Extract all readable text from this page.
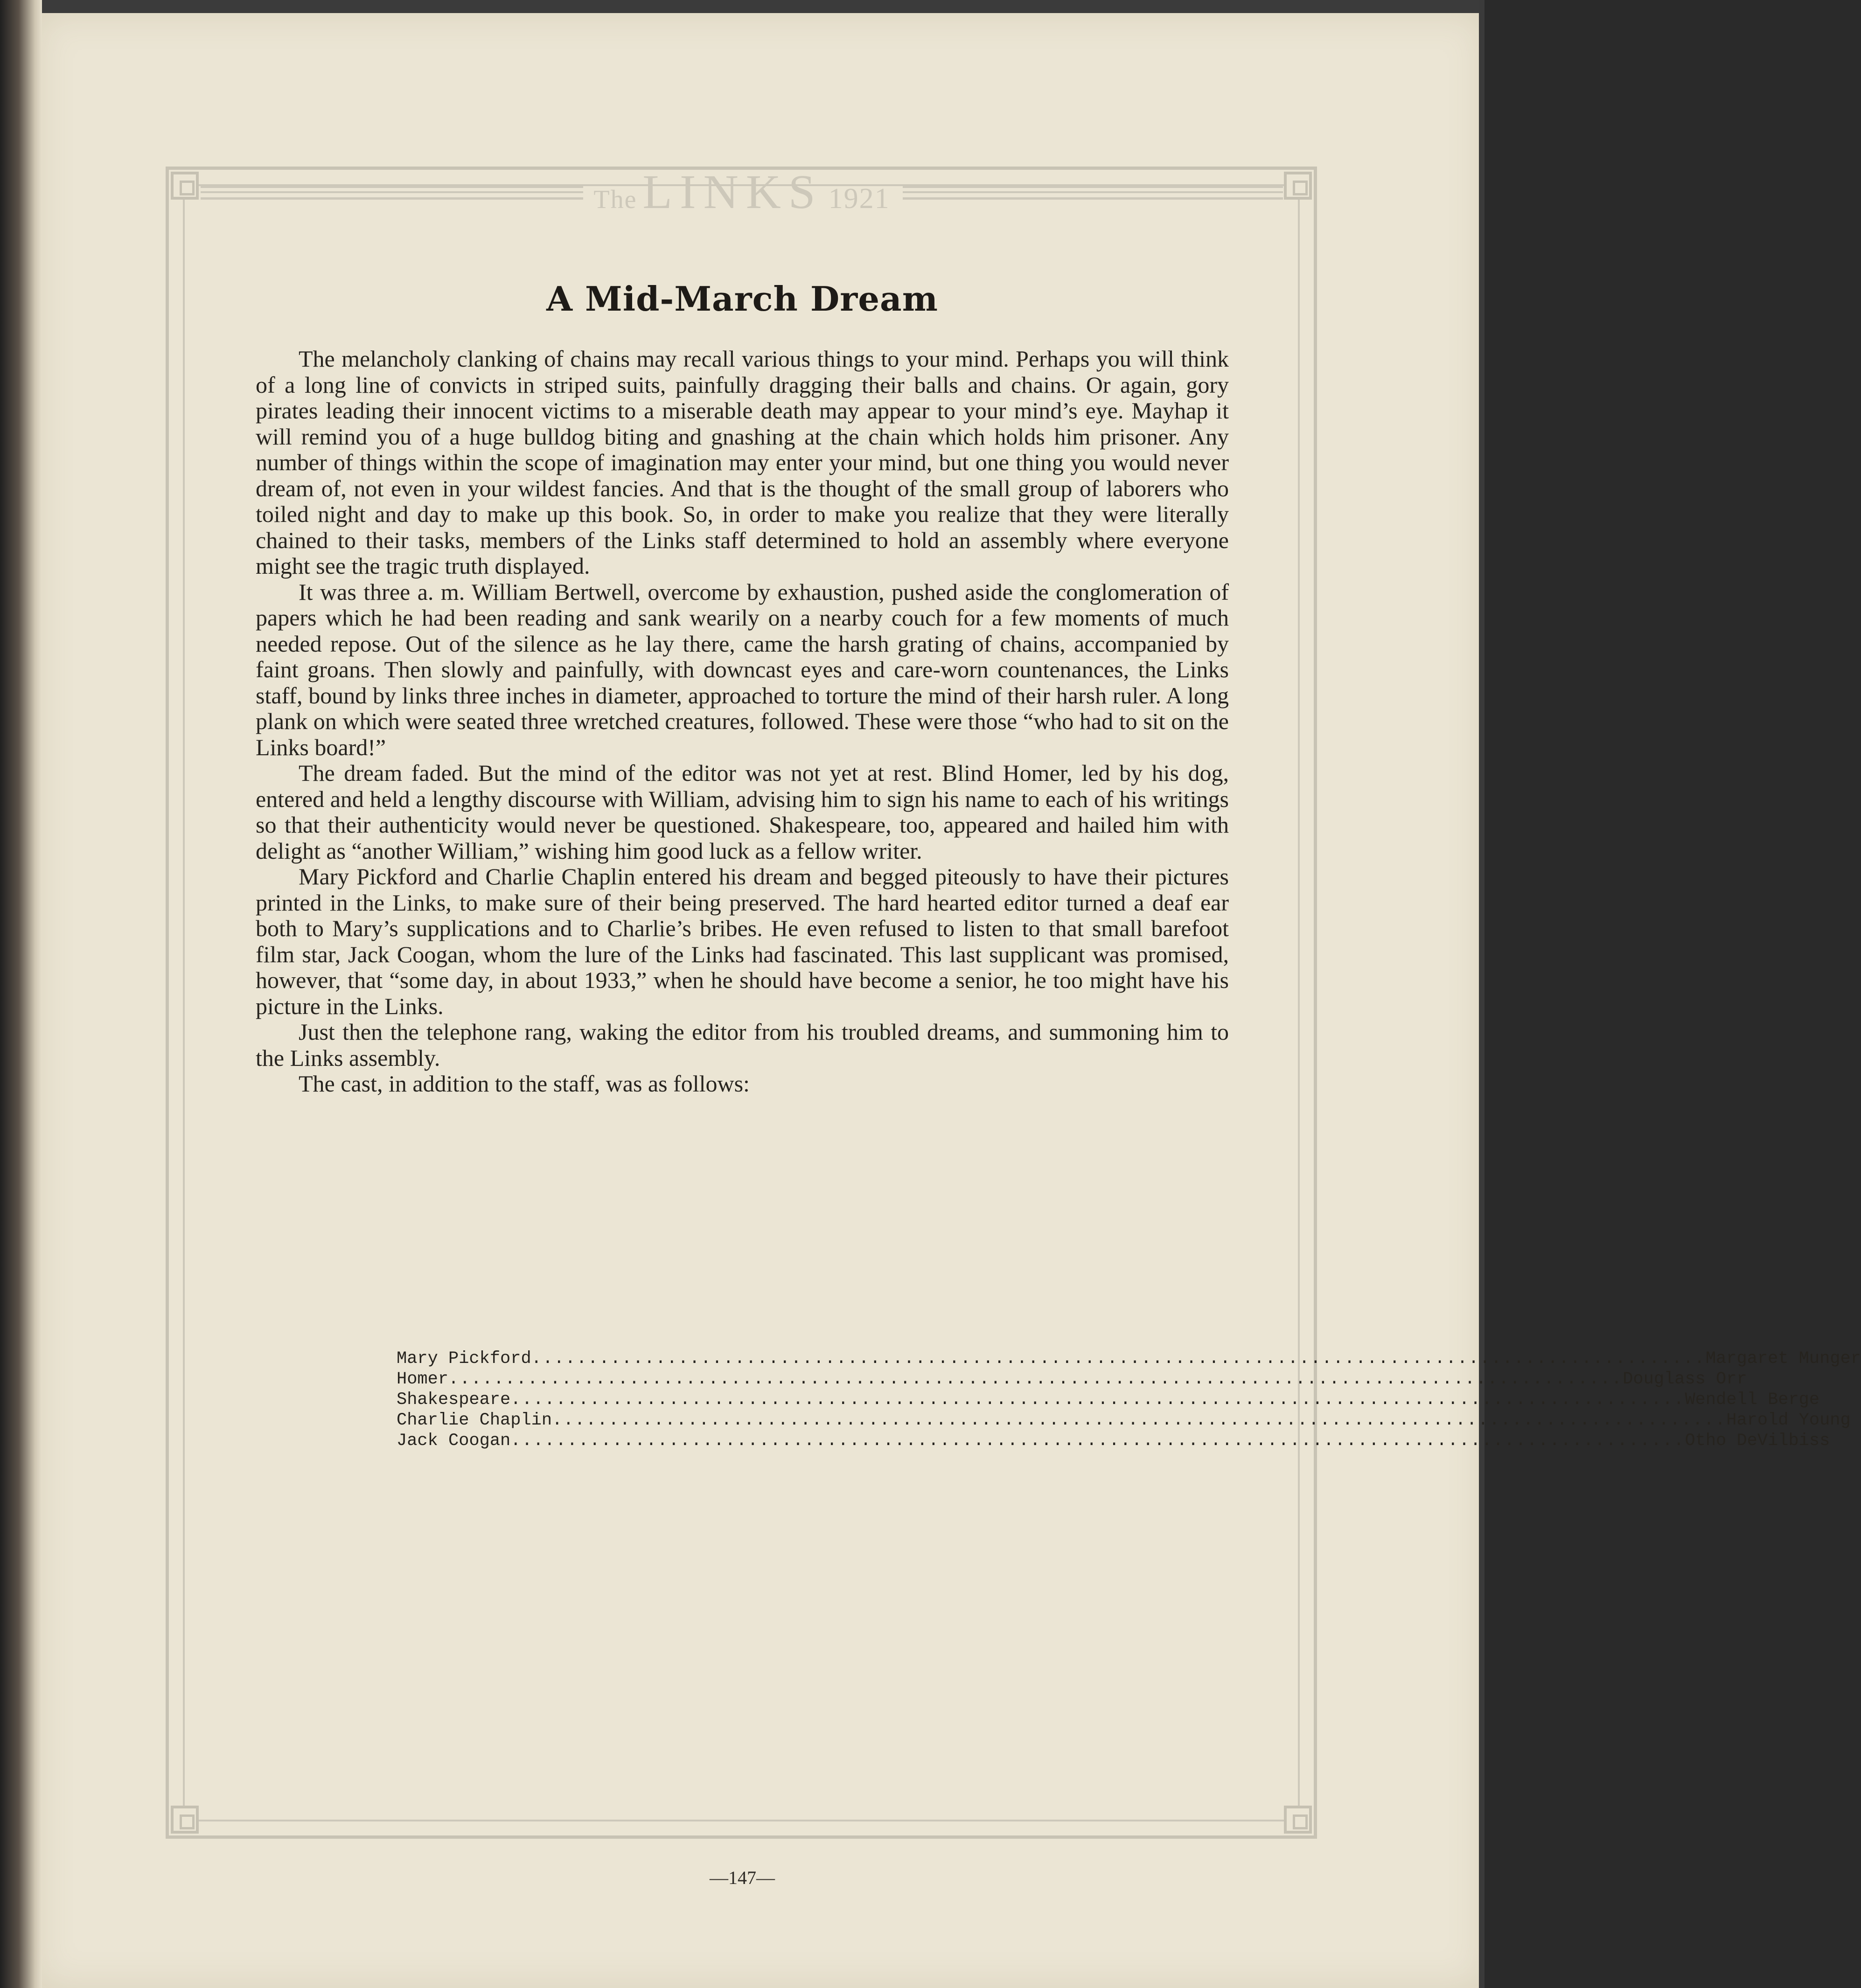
The LINKS 1921
A Mid-March Dream

The melancholy clanking of chains may recall various things to your mind. Perhaps you will think of a long line of convicts in striped suits, painfully dragging their balls and chains. Or again, gory pirates leading their innocent victims to a miserable death may appear to your mind’s eye. Mayhap it will remind you of a huge bulldog biting and gnashing at the chain which holds him prisoner. Any number of things within the scope of imagination may enter your mind, but one thing you would never dream of, not even in your wildest fancies. And that is the thought of the small group of laborers who toiled night and day to make up this book. So, in order to make you realize that they were literally chained to their tasks, members of the Links staff determined to hold an assembly where everyone might see the tragic truth displayed.

It was three a. m. William Bertwell, overcome by exhaustion, pushed aside the conglomeration of papers which he had been reading and sank wearily on a nearby couch for a few moments of much needed repose. Out of the silence as he lay there, came the harsh grating of chains, accompanied by faint groans. Then slowly and painfully, with downcast eyes and care-worn countenances, the Links staff, bound by links three inches in diameter, approached to torture the mind of their harsh ruler. A long plank on which were seated three wretched creatures, followed. These were those “who had to sit on the Links board!”

The dream faded. But the mind of the editor was not yet at rest. Blind Homer, led by his dog, entered and held a lengthy discourse with William, advising him to sign his name to each of his writings so that their authenticity would never be questioned. Shakespeare, too, appeared and hailed him with delight as “another William,” wishing him good luck as a fellow writer.

Mary Pickford and Charlie Chaplin entered his dream and begged piteously to have their pictures printed in the Links, to make sure of their being preserved. The hard hearted editor turned a deaf ear both to Mary’s supplications and to Charlie’s bribes. He even refused to listen to that small barefoot film star, Jack Coogan, whom the lure of the Links had fascinated. This last supplicant was promised, however, that “some day, in about 1933,” when he should have become a senior, he too might have his picture in the Links.

Just then the telephone rang, waking the editor from his troubled dreams, and summoning him to the Links assembly.

The cast, in addition to the staff, was as follows:

Mary Pickford ........................................................................................................ Margaret Munger
Homer ........................................................................................................ Douglass Orr
Shakespeare ........................................................................................................ Wendell Berge
Charlie Chaplin ........................................................................................................ Harold Young
Jack Coogan ........................................................................................................ Otho DeVilbiss
—147—
